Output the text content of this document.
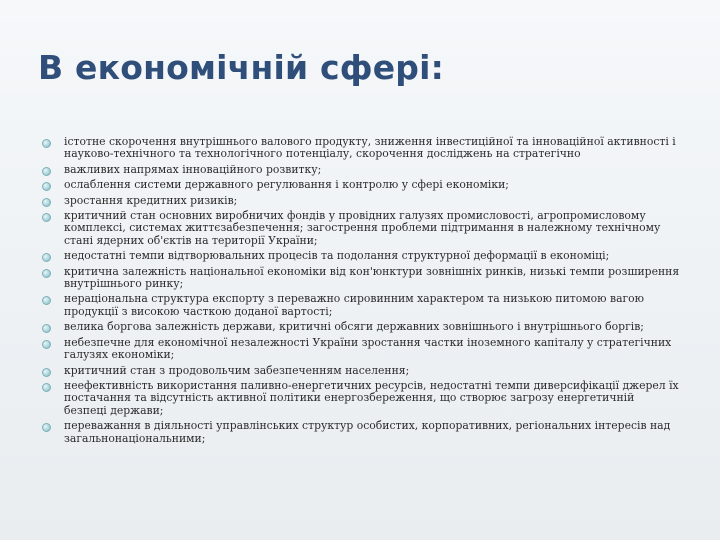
В економічній сфері:
істотне скорочення внутрішнього валового продукту, зниження інвестиційної та інноваційної активності і науково-технічного та технологічного потенціалу, скорочення досліджень на стратегічно
важливих напрямах інноваційного розвитку;
ослаблення системи державного регулювання і контролю у сфері економіки;
зростання кредитних ризиків;
критичний стан основних виробничих фондів у провідних галузях промисловості, агропромисловому комплексі, системах життєзабезпечення; загострення проблеми підтримання в належному технічному стані ядерних об'єктів на території України;
недостатні темпи відтворювальних процесів та подолання структурної деформації в економіці;
критична залежність національної економіки від кон'юнктури зовнішніх ринків, низькі темпи розширення внутрішнього ринку;
нераціональна структура експорту з переважно сировинним характером та низькою питомою вагою продукції з високою часткою доданої вартості;
велика боргова залежність держави, критичні обсяги державних зовнішнього і внутрішнього боргів;
небезпечне для економічної незалежності України зростання частки іноземного капіталу у стратегічних галузях економіки;
критичний стан з продовольчим забезпеченням населення;
неефективність використання паливно-енергетичних ресурсів, недостатні темпи диверсифікації джерел їх постачання та відсутність активної політики енергозбереження, що створює загрозу енергетичній безпеці держави;
переважання в діяльності управлінських структур особистих, корпоративних, регіональних інтересів над загальнонаціональними;
